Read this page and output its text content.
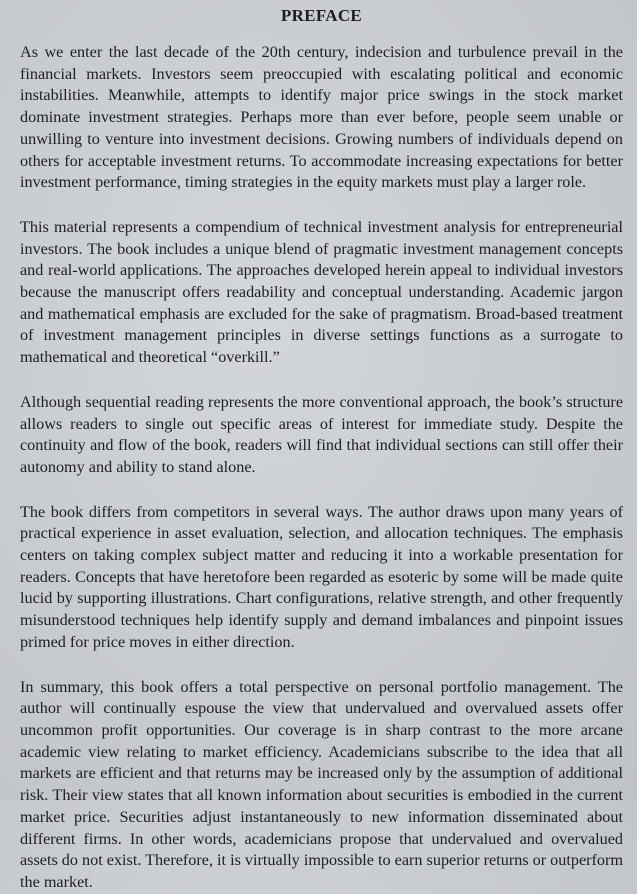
PREFACE

As we enter the last decade of the 20th century, indecision and turbulence prevail in the financial markets. Investors seem preoccupied with escalating political and economic instabilities. Meanwhile, attempts to identify major price swings in the stock market dominate investment strategies. Perhaps more than ever before, people seem unable or unwilling to venture into investment decisions. Growing numbers of individuals depend on others for acceptable investment returns. To accommodate increasing expectations for better investment performance, timing strategies in the equity markets must play a larger role.

This material represents a compendium of technical investment analysis for entrepreneurial investors. The book includes a unique blend of pragmatic investment management concepts and real-world applications. The approaches developed herein appeal to individual investors because the manuscript offers readability and conceptual understanding. Academic jargon and mathematical emphasis are excluded for the sake of pragmatism. Broad-based treatment of investment management principles in diverse settings functions as a surrogate to mathematical and theoretical “overkill.”

Although sequential reading represents the more conventional approach, the book’s structure allows readers to single out specific areas of interest for immediate study. Despite the continuity and flow of the book, readers will find that individual sections can still offer their autonomy and ability to stand alone.

The book differs from competitors in several ways. The author draws upon many years of practical experience in asset evaluation, selection, and allocation techniques. The emphasis centers on taking complex subject matter and reducing it into a workable presentation for readers. Concepts that have heretofore been regarded as esoteric by some will be made quite lucid by supporting illustrations. Chart configurations, relative strength, and other frequently misunderstood techniques help identify supply and demand imbalances and pinpoint issues primed for price moves in either direction.

In summary, this book offers a total perspective on personal portfolio management. The author will continually espouse the view that undervalued and overvalued assets offer uncommon profit opportunities. Our coverage is in sharp contrast to the more arcane academic view relating to market efficiency. Academicians subscribe to the idea that all markets are efficient and that returns may be increased only by the assumption of additional risk. Their view states that all known information about securities is embodied in the current market price. Securities adjust instantaneously to new information disseminated about different firms. In other words, academicians propose that undervalued and overvalued assets do not exist. Therefore, it is virtually impossible to earn superior returns or outperform the market.
